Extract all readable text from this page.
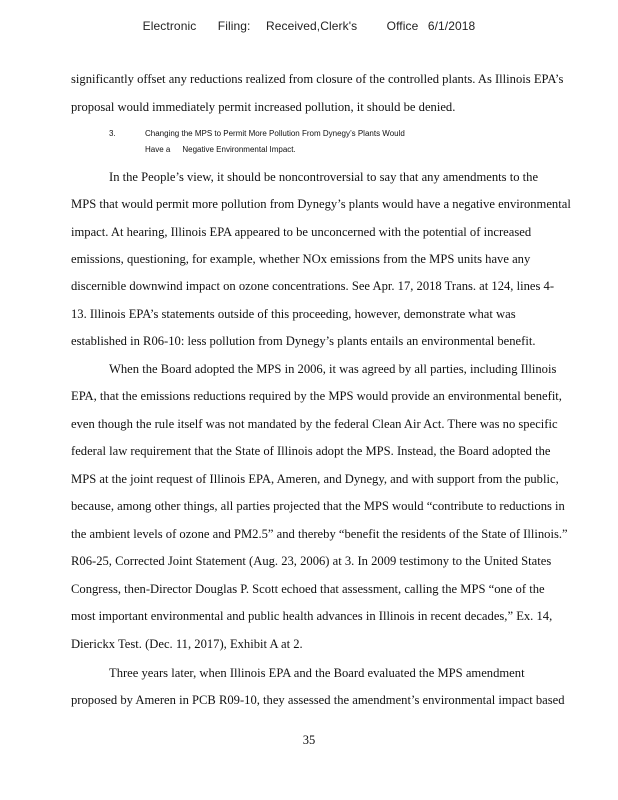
Electronic Filing: Received,Clerk's Office 6/1/2018
significantly offset any reductions realized from closure of the controlled plants. As Illinois EPA’s
proposal would immediately permit increased pollution, it should be denied.
3.	Changing the MPS to Permit More Pollution From Dynegy’s Plants Would
Have a Negative Environmental Impact.
In the People’s view, it should be noncontroversial to say that any amendments to the
MPS that would permit more pollution from Dynegy’s plants would have a negative environmental
impact. At hearing, Illinois EPA appeared to be unconcerned with the potential of increased
emissions, questioning, for example, whether NOx emissions from the MPS units have any
discernible downwind impact on ozone concentrations. See Apr. 17, 2018 Trans. at 124, lines 4-
13. Illinois EPA’s statements outside of this proceeding, however, demonstrate what was
established in R06-10: less pollution from Dynegy’s plants entails an environmental benefit.
When the Board adopted the MPS in 2006, it was agreed by all parties, including Illinois
EPA, that the emissions reductions required by the MPS would provide an environmental benefit,
even though the rule itself was not mandated by the federal Clean Air Act. There was no specific
federal law requirement that the State of Illinois adopt the MPS. Instead, the Board adopted the
MPS at the joint request of Illinois EPA, Ameren, and Dynegy, and with support from the public,
because, among other things, all parties projected that the MPS would “contribute to reductions in
the ambient levels of ozone and PM2.5” and thereby “benefit the residents of the State of Illinois.”
R06-25, Corrected Joint Statement (Aug. 23, 2006) at 3. In 2009 testimony to the United States
Congress, then-Director Douglas P. Scott echoed that assessment, calling the MPS “one of the
most important environmental and public health advances in Illinois in recent decades,” Ex. 14,
Dierickx Test. (Dec. 11, 2017), Exhibit A at 2.
Three years later, when Illinois EPA and the Board evaluated the MPS amendment
proposed by Ameren in PCB R09-10, they assessed the amendment’s environmental impact based
35
